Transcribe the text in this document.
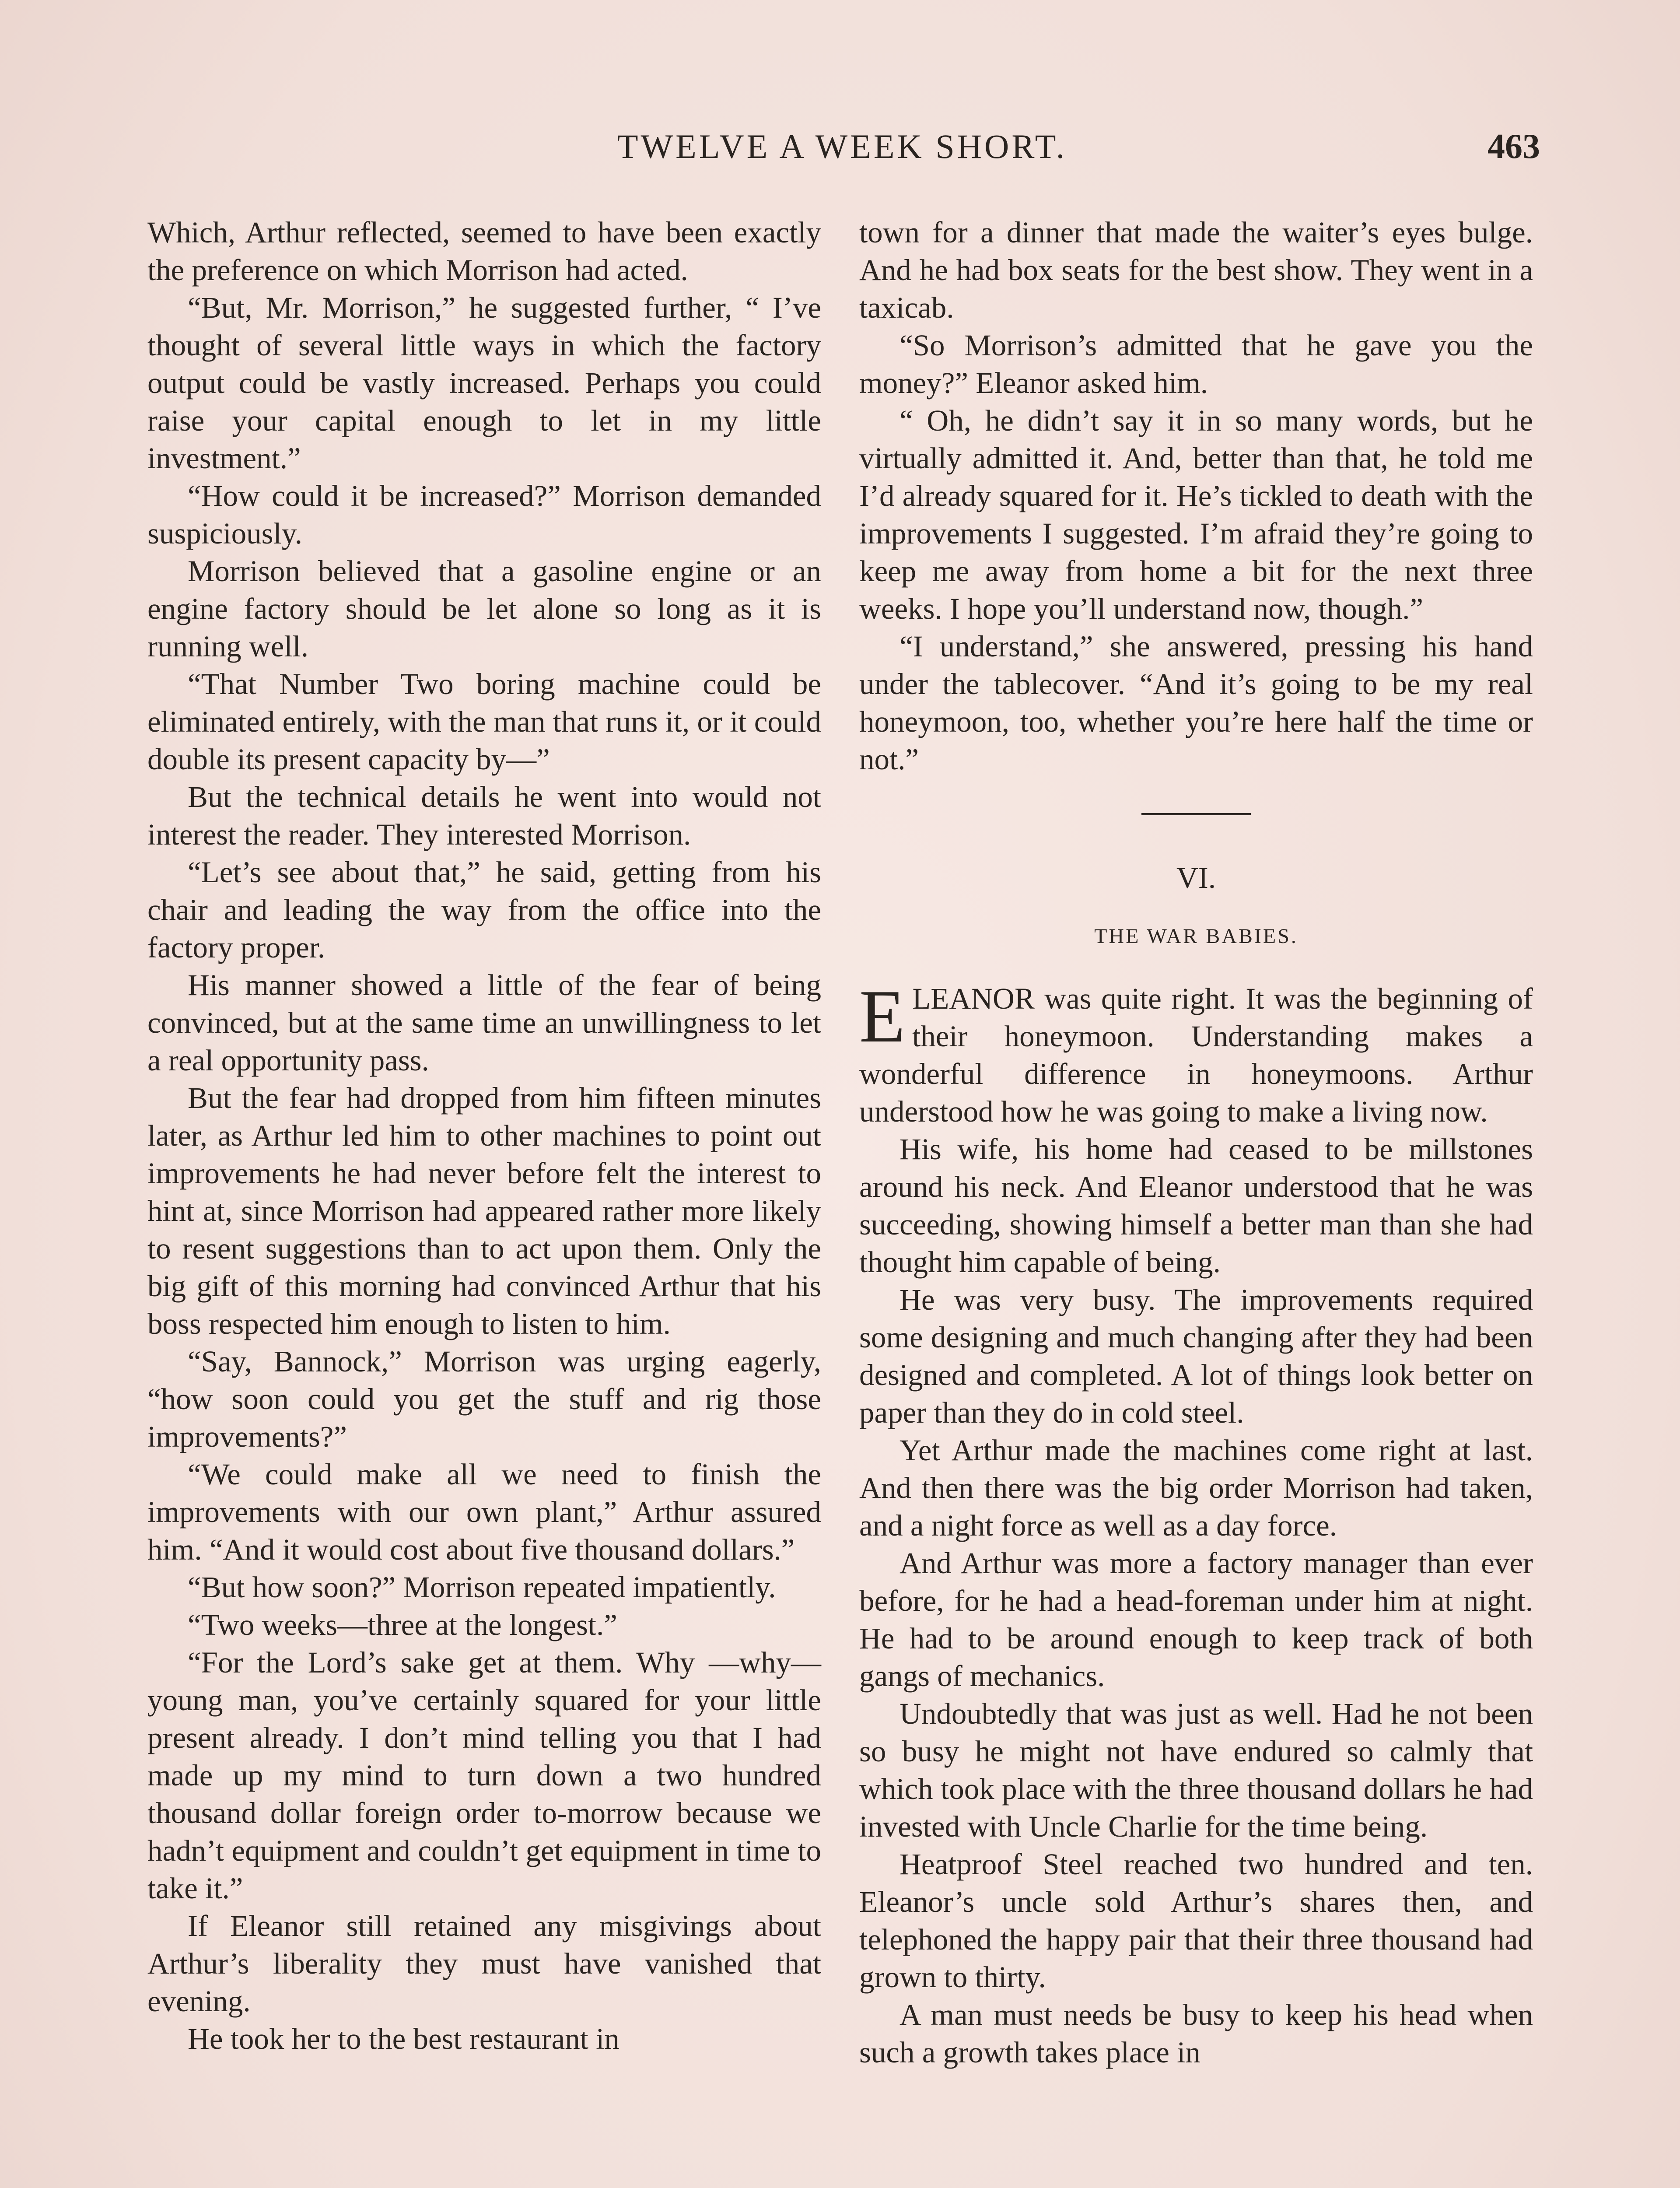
TWELVE A WEEK SHORT.	463

Which, Arthur reflected, seemed to have been exactly the preference on which Morrison had acted.

“But, Mr. Morrison,” he suggested further, “ I’ve thought of several little ways in which the factory output could be vastly increased. Perhaps you could raise your capital enough to let in my little investment.”

“How could it be increased?” Morrison demanded suspiciously.

Morrison believed that a gasoline engine or an engine factory should be let alone so long as it is running well.

“That Number Two boring machine could be eliminated entirely, with the man that runs it, or it could double its present capacity by—”

But the technical details he went into would not interest the reader. They interested Morrison.

“Let’s see about that,” he said, getting from his chair and leading the way from the office into the factory proper.

His manner showed a little of the fear of being convinced, but at the same time an unwillingness to let a real opportunity pass.

But the fear had dropped from him fifteen minutes later, as Arthur led him to other machines to point out improvements he had never before felt the interest to hint at, since Morrison had appeared rather more likely to resent suggestions than to act upon them. Only the big gift of this morning had convinced Arthur that his boss respected him enough to listen to him.

“Say, Bannock,” Morrison was urging eagerly, “how soon could you get the stuff and rig those improvements?”

“We could make all we need to finish the improvements with our own plant,” Arthur assured him. “And it would cost about five thousand dollars.”

“But how soon?” Morrison repeated impatiently.

“Two weeks—three at the longest.”

“For the Lord’s sake get at them. Why —why—young man, you’ve certainly squared for your little present already. I don’t mind telling you that I had made up my mind to turn down a two hundred thousand dollar foreign order to-morrow because we hadn’t equipment and couldn’t get equipment in time to take it.”

If Eleanor still retained any misgivings about Arthur’s liberality they must have vanished that evening.

He took her to the best restaurant in

town for a dinner that made the waiter’s eyes bulge. And he had box seats for the best show. They went in a taxicab.

“So Morrison’s admitted that he gave you the money?” Eleanor asked him.

“ Oh, he didn’t say it in so many words, but he virtually admitted it. And, better than that, he told me I’d already squared for it. He’s tickled to death with the improvements I suggested. I’m afraid they’re going to keep me away from home a bit for the next three weeks. I hope you’ll understand now, though.”

“I understand,” she answered, pressing his hand under the tablecover. “And it’s going to be my real honeymoon, too, whether you’re here half the time or not.”

VI.
THE WAR BABIES.

ELEANOR was quite right. It was the beginning of their honeymoon. Understanding makes a wonderful difference in honeymoons. Arthur understood how he was going to make a living now.

His wife, his home had ceased to be millstones around his neck. And Eleanor understood that he was succeeding, showing himself a better man than she had thought him capable of being.

He was very busy. The improvements required some designing and much changing after they had been designed and completed. A lot of things look better on paper than they do in cold steel.

Yet Arthur made the machines come right at last. And then there was the big order Morrison had taken, and a night force as well as a day force.

And Arthur was more a factory manager than ever before, for he had a head-foreman under him at night. He had to be around enough to keep track of both gangs of mechanics.

Undoubtedly that was just as well. Had he not been so busy he might not have endured so calmly that which took place with the three thousand dollars he had invested with Uncle Charlie for the time being.

Heatproof Steel reached two hundred and ten. Eleanor’s uncle sold Arthur’s shares then, and telephoned the happy pair that their three thousand had grown to thirty.

A man must needs be busy to keep his head when such a growth takes place in
